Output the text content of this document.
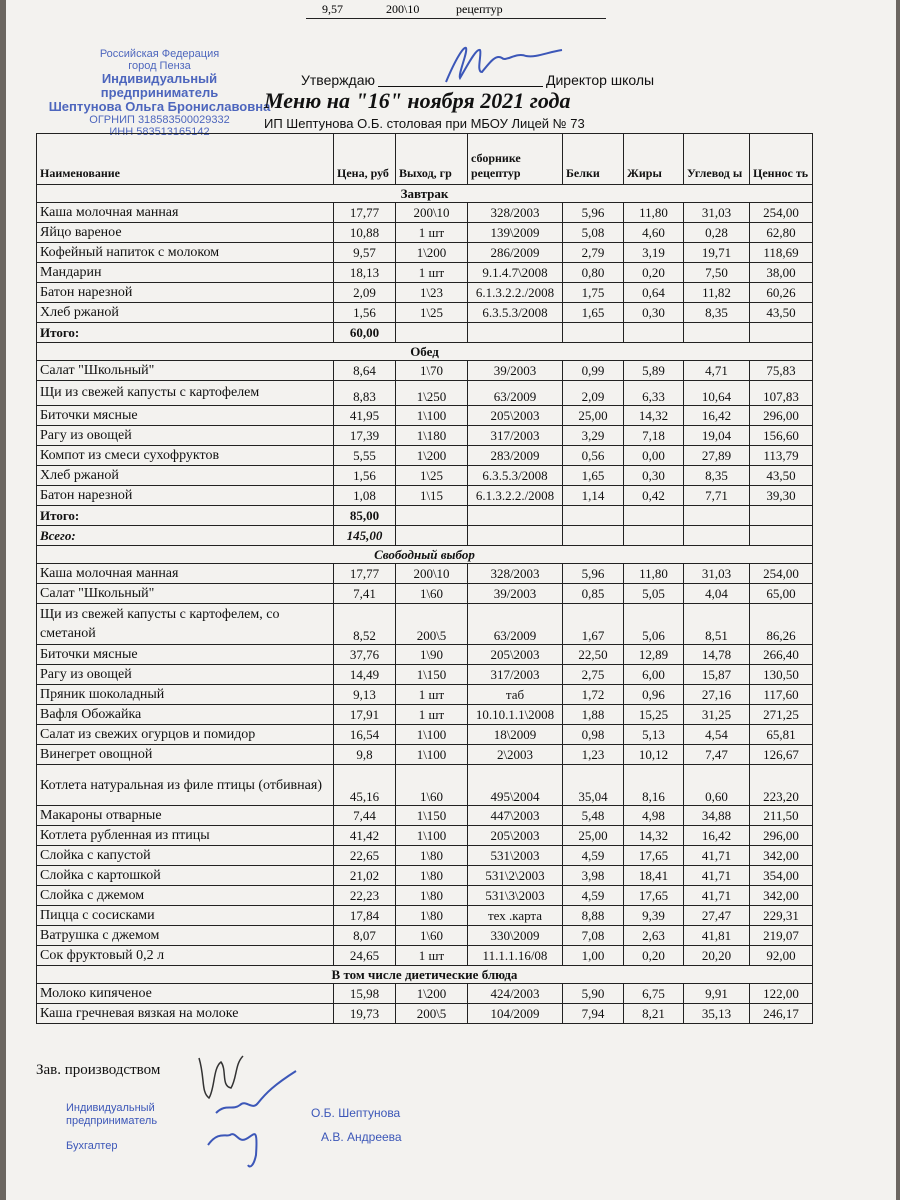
9,57	200\10	рецептур
Российская Федерация
город Пенза
Индивидуальный предприниматель
Шептунова Ольга Брониславовна
ОГРНИП 318583500029332
ИНН 583513165142
Утверждаю	Директор школы
Меню на "16" ноября 2021 года
ИП Шептунова О.Б. столовая при МБОУ Лицей № 73
Наименование	Цена, руб	Выход, гр	сборнике рецептур	Белки	Жиры	Углевод ы	Ценнос ть
Завтрак							
Каша молочная манная	17,77	200\10	328/2003	5,96	11,80	31,03	254,00
Яйцо вареное	10,88	1 шт	139\2009	5,08	4,60	0,28	62,80
Кофейный напиток с молоком	9,57	1\200	286/2009	2,79	3,19	19,71	118,69
Мандарин	18,13	1 шт	9.1.4.7\2008	0,80	0,20	7,50	38,00
Батон нарезной	2,09	1\23	6.1.3.2.2./2008	1,75	0,64	11,82	60,26
Хлеб ржаной	1,56	1\25	6.3.5.3/2008	1,65	0,30	8,35	43,50
Итого:	60,00						
Обед							
Салат "Школьный"	8,64	1\70	39/2003	0,99	5,89	4,71	75,83
Щи из свежей капусты с картофелем	8,83	1\250	63/2009	2,09	6,33	10,64	107,83
Биточки мясные	41,95	1\100	205\2003	25,00	14,32	16,42	296,00
Рагу из овощей	17,39	1\180	317/2003	3,29	7,18	19,04	156,60
Компот из смеси сухофруктов	5,55	1\200	283/2009	0,56	0,00	27,89	113,79
Хлеб ржаной	1,56	1\25	6.3.5.3/2008	1,65	0,30	8,35	43,50
Батон нарезной	1,08	1\15	6.1.3.2.2./2008	1,14	0,42	7,71	39,30
Итого:	85,00						
Всего:	145,00						
Свободный выбор							
Каша молочная манная	17,77	200\10	328/2003	5,96	11,80	31,03	254,00
Салат "Школьный"	7,41	1\60	39/2003	0,85	5,05	4,04	65,00
Щи из свежей капусты с картофелем, со сметаной	8,52	200\5	63/2009	1,67	5,06	8,51	86,26
Биточки мясные	37,76	1\90	205\2003	22,50	12,89	14,78	266,40
Рагу из овощей	14,49	1\150	317/2003	2,75	6,00	15,87	130,50
Пряник шоколадный	9,13	1 шт	таб	1,72	0,96	27,16	117,60
Вафля Обожайка	17,91	1 шт	10.10.1.1\2008	1,88	15,25	31,25	271,25
Салат из свежих огурцов и помидор	16,54	1\100	18\2009	0,98	5,13	4,54	65,81
Винегрет овощной	9,8	1\100	2\2003	1,23	10,12	7,47	126,67
Котлета натуральная из филе птицы (отбивная)	45,16	1\60	495\2004	35,04	8,16	0,60	223,20
Макароны отварные	7,44	1\150	447\2003	5,48	4,98	34,88	211,50
Котлета рубленная из птицы	41,42	1\100	205\2003	25,00	14,32	16,42	296,00
Слойка с капустой	22,65	1\80	531\2003	4,59	17,65	41,71	342,00
Слойка с картошкой	21,02	1\80	531\2\2003	3,98	18,41	41,71	354,00
Слойка с джемом	22,23	1\80	531\3\2003	4,59	17,65	41,71	342,00
Пицца с сосисками	17,84	1\80	тех .карта	8,88	9,39	27,47	229,31
Ватрушка с джемом	8,07	1\60	330\2009	7,08	2,63	41,81	219,07
Сок фруктовый 0,2 л	24,65	1 шт	11.1.1.16/08	1,00	0,20	20,20	92,00
В том числе диетические блюда							
Молоко кипяченое	15,98	1\200	424/2003	5,90	6,75	9,91	122,00
Каша гречневая вязкая на молоке	19,73	200\5	104/2009	7,94	8,21	35,13	246,17
Зав. производством
Индивидуальный
предприниматель
Бухгалтер
О.Б. Шептунова
А.В. Андреева
